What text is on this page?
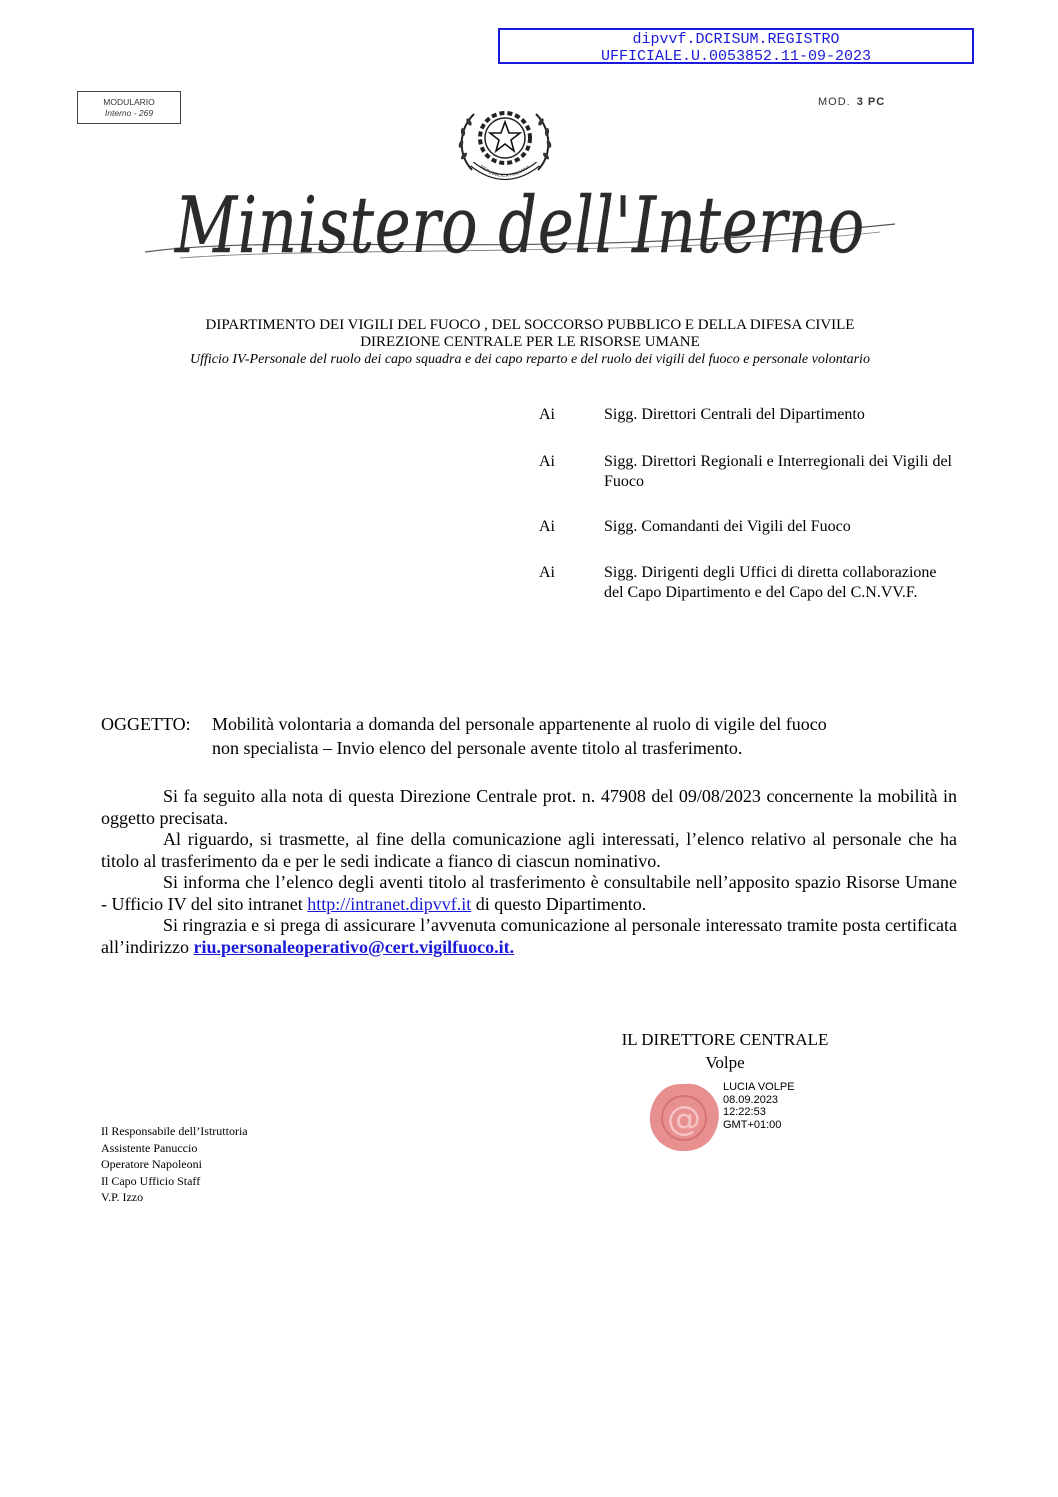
dipvvf.DCRISUM.REGISTRO
UFFICIALE.U.0053852.11-09-2023
MODULARIO
Interno - 269
MOD. 3 PC
REPUBBLICA ITALIANA
Ministero dell'Interno
DIPARTIMENTO DEI VIGILI DEL FUOCO , DEL SOCCORSO PUBBLICO E DELLA DIFESA CIVILE
DIREZIONE CENTRALE PER LE RISORSE UMANE
Ufficio IV-Personale del ruolo dei capo squadra e dei capo reparto e del ruolo dei vigili del fuoco e personale volontario
Ai	Sigg. Direttori Centrali del Dipartimento
Ai	Sigg. Direttori Regionali e Interregionali dei Vigili del Fuoco
Ai	Sigg. Comandanti dei Vigili del Fuoco
Ai	Sigg. Dirigenti degli Uffici di diretta collaborazione del Capo Dipartimento e del Capo del C.N.VV.F.
OGGETTO: Mobilità volontaria a domanda del personale appartenente al ruolo di vigile del fuoco
non specialista – Invio elenco del personale avente titolo al trasferimento.

Si fa seguito alla nota di questa Direzione Centrale prot. n. 47908 del 09/08/2023 concernente la mobilità in oggetto precisata.

Al riguardo, si trasmette, al fine della comunicazione agli interessati, l’elenco relativo al personale che ha titolo al trasferimento da e per le sedi indicate a fianco di ciascun nominativo.

Si informa che l’elenco degli aventi titolo al trasferimento è consultabile nell’apposito spazio Risorse Umane - Ufficio IV del sito intranet http://intranet.dipvvf.it di questo Dipartimento.

Si ringrazia e si prega di assicurare l’avvenuta comunicazione al personale interessato tramite posta certificata all’indirizzo riu.personaleoperativo@cert.vigilfuoco.it.

IL DIRETTORE CENTRALE
Volpe
@
LUCIA VOLPE
08.09.2023
12:22:53
GMT+01:00
Il Responsabile dell’Istruttoria
Assistente Panuccio
Operatore Napoleoni
Il Capo Ufficio Staff
V.P. Izzo
